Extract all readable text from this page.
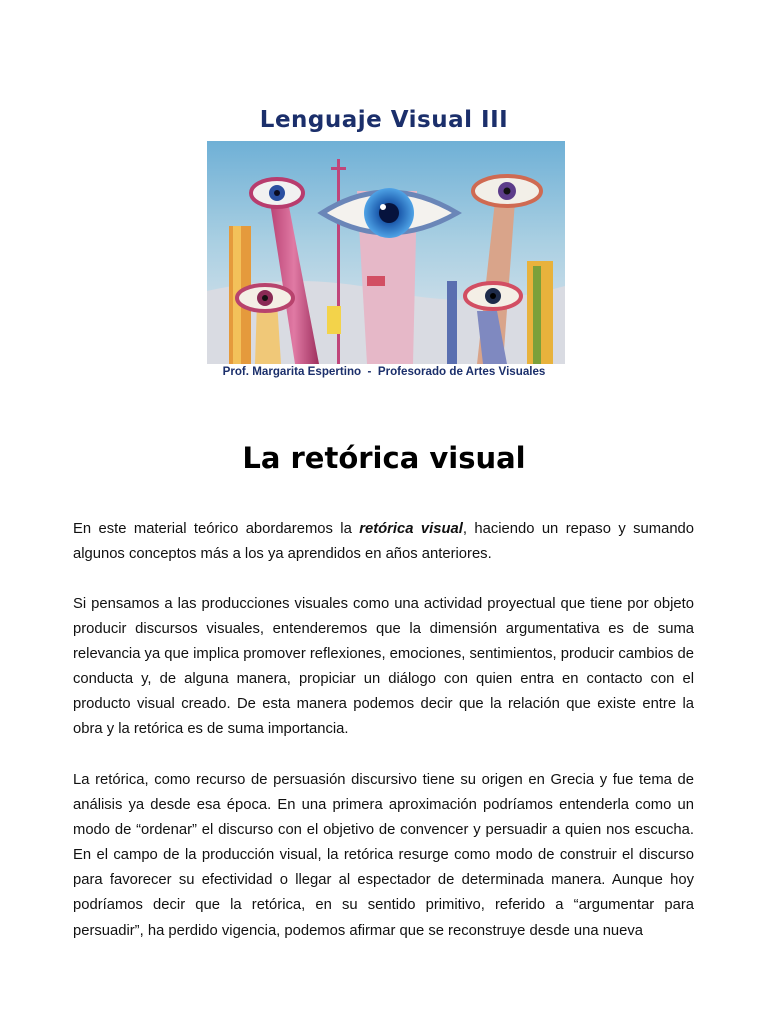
Lenguaje Visual III
Prof. Margarita Espertino  -  Profesorado de Artes Visuales
La retórica visual

En este material teórico abordaremos la retórica visual, haciendo un repaso y sumando algunos conceptos más a los ya aprendidos en años anteriores.

Si pensamos a las producciones visuales como una actividad proyectual que tiene por objeto producir discursos visuales, entenderemos que la dimensión argumentativa es de suma relevancia ya que implica promover reflexiones, emociones, sentimientos, producir cambios de conducta y, de alguna manera, propiciar un diálogo con quien entra en contacto con el producto visual creado. De esta manera podemos decir que la relación que existe entre la obra y la retórica es de suma importancia.

La retórica, como recurso de persuasión discursivo tiene su origen en Grecia y fue tema de análisis ya desde esa época. En una primera aproximación podríamos entenderla como un modo de “ordenar” el discurso con el objetivo de convencer y persuadir a quien nos escucha. En el campo de la producción visual, la retórica resurge como modo de construir el discurso para favorecer su efectividad o llegar al espectador de determinada manera. Aunque hoy podríamos decir que la retórica, en su sentido primitivo, referido a “argumentar para persuadir”, ha perdido vigencia, podemos afirmar que se reconstruye desde una nueva
